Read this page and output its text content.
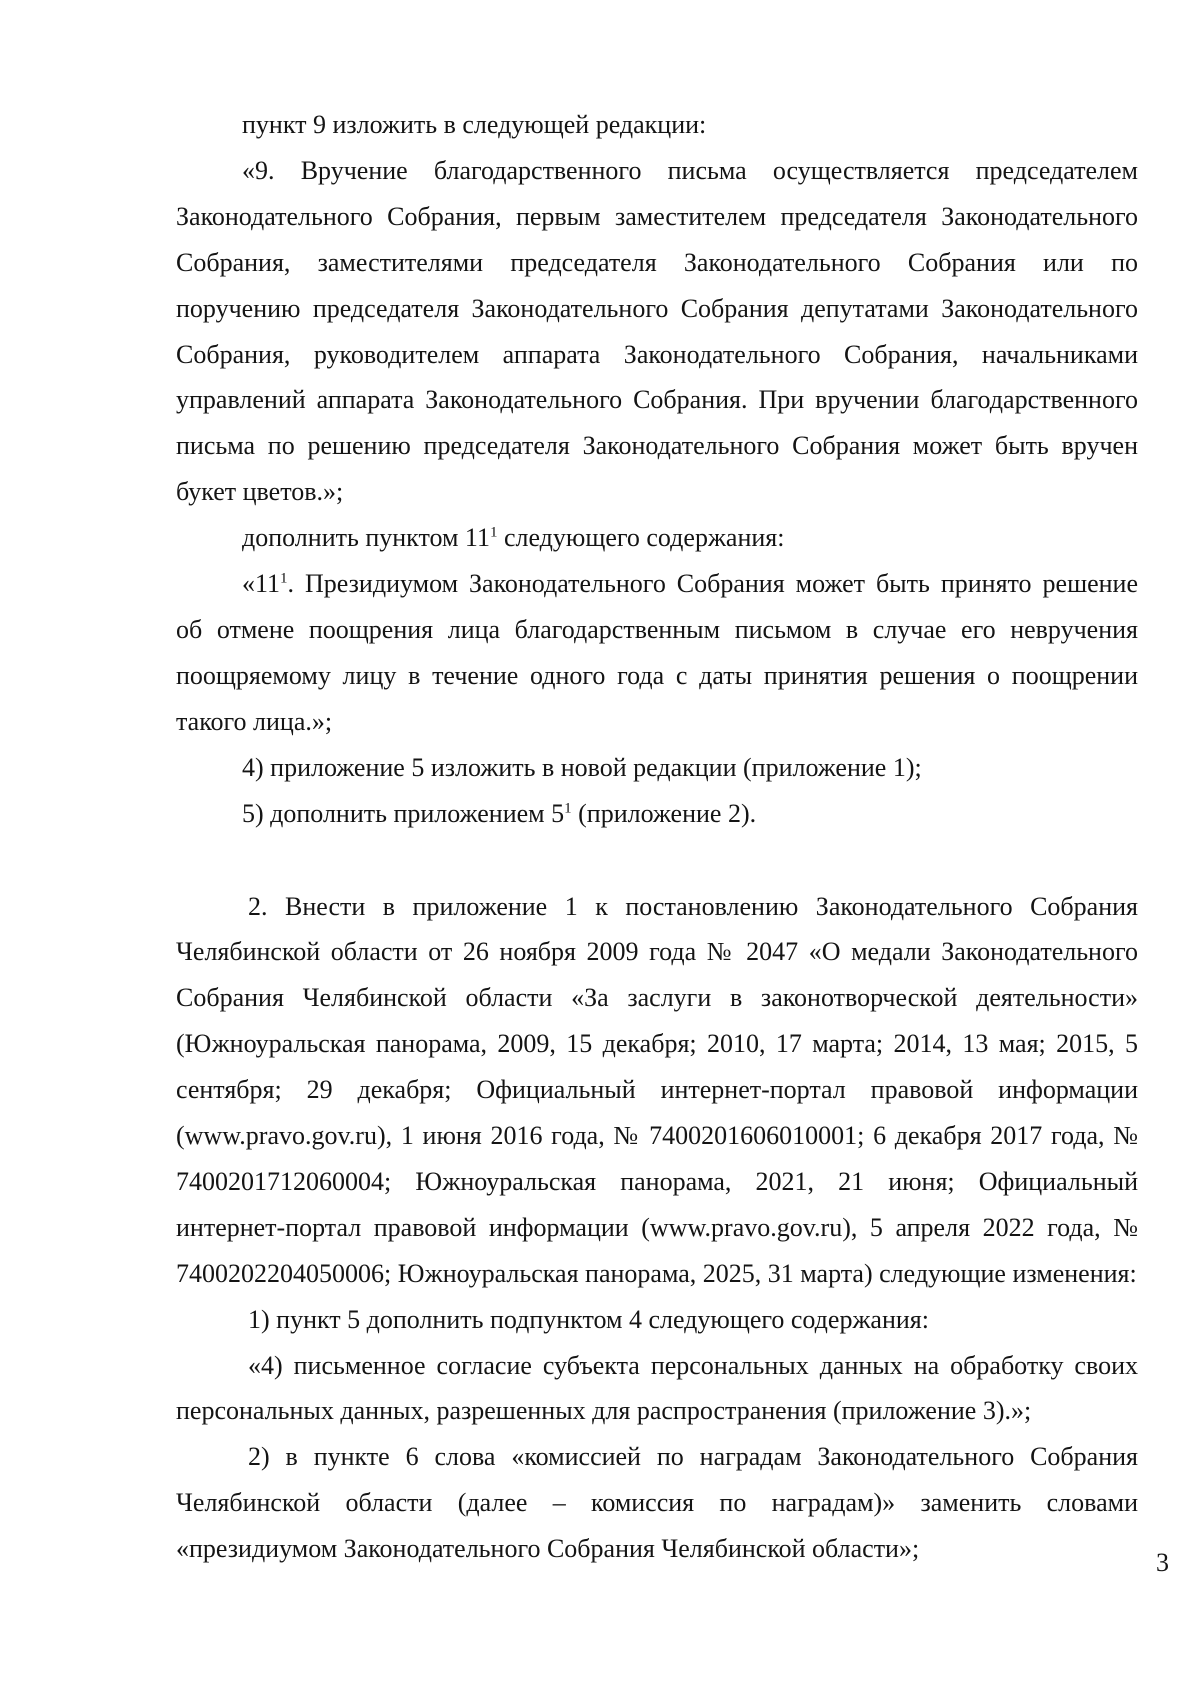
пункт 9 изложить в следующей редакции:

«9. Вручение благодарственного письма осуществляется председателем Законодательного Собрания, первым заместителем председателя Законодательного Собрания, заместителями председателя Законодательного Собрания или по поручению председателя Законодательного Собрания депутатами Законодательного Собрания, руководителем аппарата Законодательного Собрания, начальниками управлений аппарата Законодательного Собрания. При вручении благодарственного письма по решению председателя Законодательного Собрания может быть вручен букет цветов.»;

дополнить пунктом $11^1$ следующего содержания:

«$11^1$. Президиумом Законодательного Собрания может быть принято решение об отмене поощрения лица благодарственным письмом в случае его невручения поощряемому лицу в течение одного года с даты принятия решения о поощрении такого лица.»;

4) приложение 5 изложить в новой редакции (приложение 1);

5) дополнить приложением $5^1$ (приложение 2).

2. Внести в приложение 1 к постановлению Законодательного Собрания Челябинской области от 26 ноября 2009 года № 2047 «О медали Законодательного Собрания Челябинской области «За заслуги в законотворческой деятельности» (Южноуральская панорама, 2009, 15 декабря; 2010, 17 марта; 2014, 13 мая; 2015, 5 сентября; 29 декабря; Официальный интернет-портал правовой информации (www.pravo.gov.ru), 1 июня 2016 года, № 7400201606010001; 6 декабря 2017 года, № 7400201712060004; Южноуральская панорама, 2021, 21 июня; Официальный интернет-портал правовой информации (www.pravo.gov.ru), 5 апреля 2022 года, № 7400202204050006; Южноуральская панорама, 2025, 31 марта) следующие изменения:

1) пункт 5 дополнить подпунктом 4 следующего содержания:

«4) письменное согласие субъекта персональных данных на обработку своих персональных данных, разрешенных для распространения (приложение 3).»;

2) в пункте 6 слова «комиссией по наградам Законодательного Собрания Челябинской области (далее – комиссия по наградам)» заменить словами «президиумом Законодательного Собрания Челябинской области»;	3
